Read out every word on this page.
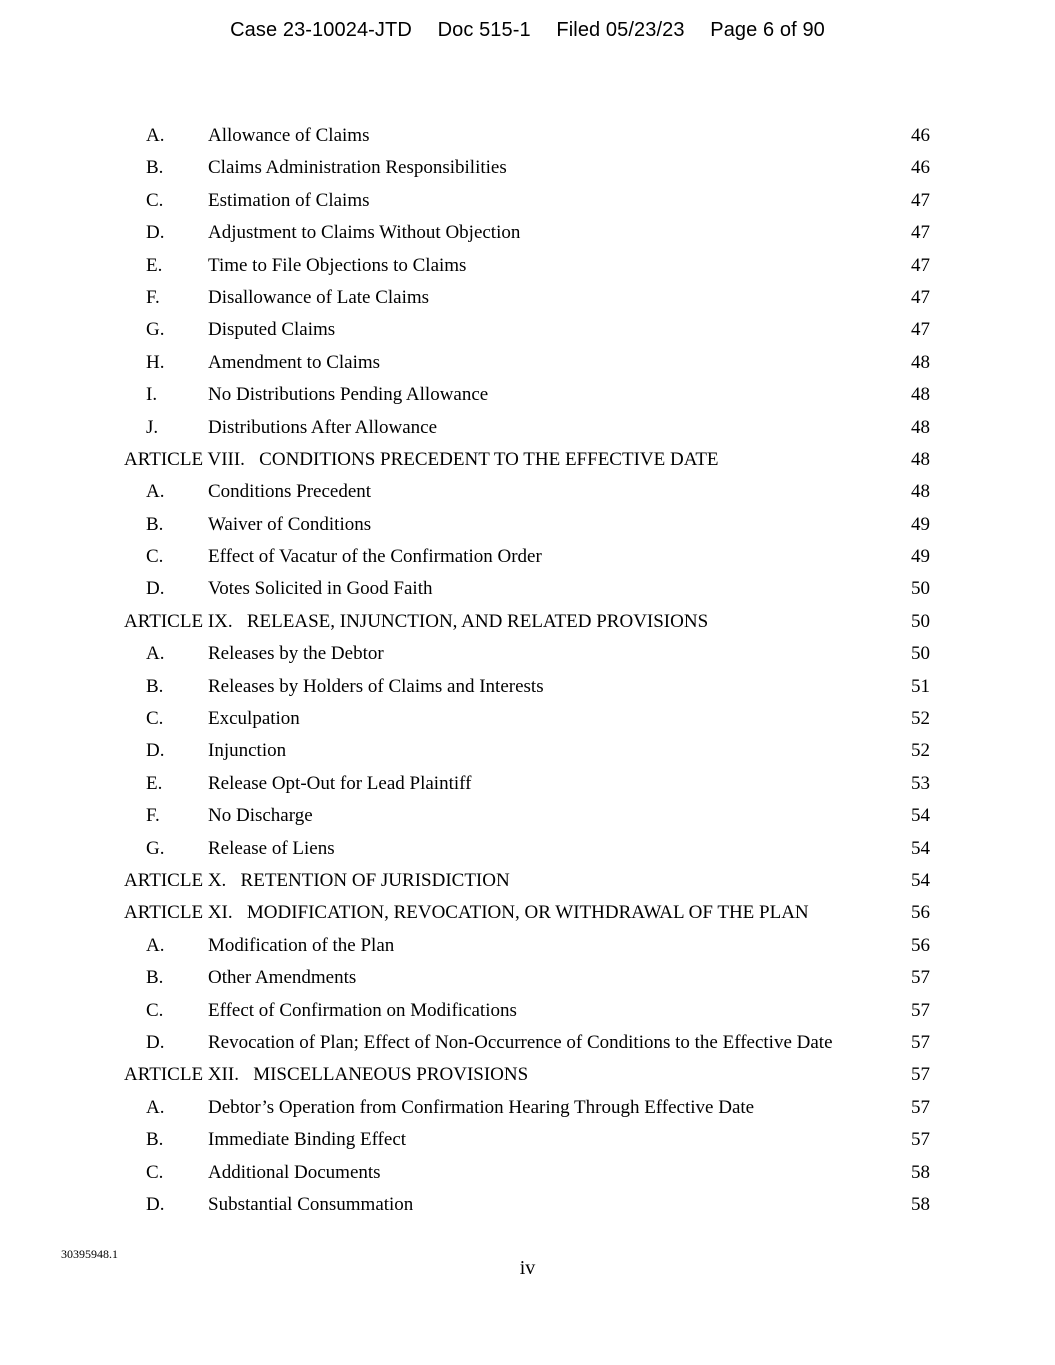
Case 23-10024-JTD Doc 515-1 Filed 05/23/23 Page 6 of 90
A.	Allowance of Claims	46
B.	Claims Administration Responsibilities	46
C.	Estimation of Claims	47
D.	Adjustment to Claims Without Objection	47
E.	Time to File Objections to Claims	47
F.	Disallowance of Late Claims	47
G.	Disputed Claims	47
H.	Amendment to Claims	48
I.	No Distributions Pending Allowance	48
J.	Distributions After Allowance	48
ARTICLE VIII.   CONDITIONS PRECEDENT TO THE EFFECTIVE DATE	48
A.	Conditions Precedent	48
B.	Waiver of Conditions	49
C.	Effect of Vacatur of the Confirmation Order	49
D.	Votes Solicited in Good Faith	50
ARTICLE IX.   RELEASE, INJUNCTION, AND RELATED PROVISIONS	50
A.	Releases by the Debtor	50
B.	Releases by Holders of Claims and Interests	51
C.	Exculpation	52
D.	Injunction	52
E.	Release Opt-Out for Lead Plaintiff	53
F.	No Discharge	54
G.	Release of Liens	54
ARTICLE X.   RETENTION OF JURISDICTION	54
ARTICLE XI.   MODIFICATION, REVOCATION, OR WITHDRAWAL OF THE PLAN	56
A.	Modification of the Plan	56
B.	Other Amendments	57
C.	Effect of Confirmation on Modifications	57
D.	Revocation of Plan; Effect of Non-Occurrence of Conditions to the Effective Date	57
ARTICLE XII.   MISCELLANEOUS PROVISIONS	57
A.	Debtor’s Operation from Confirmation Hearing Through Effective Date	57
B.	Immediate Binding Effect	57
C.	Additional Documents	58
D.	Substantial Consummation	58
30395948.1
iv
